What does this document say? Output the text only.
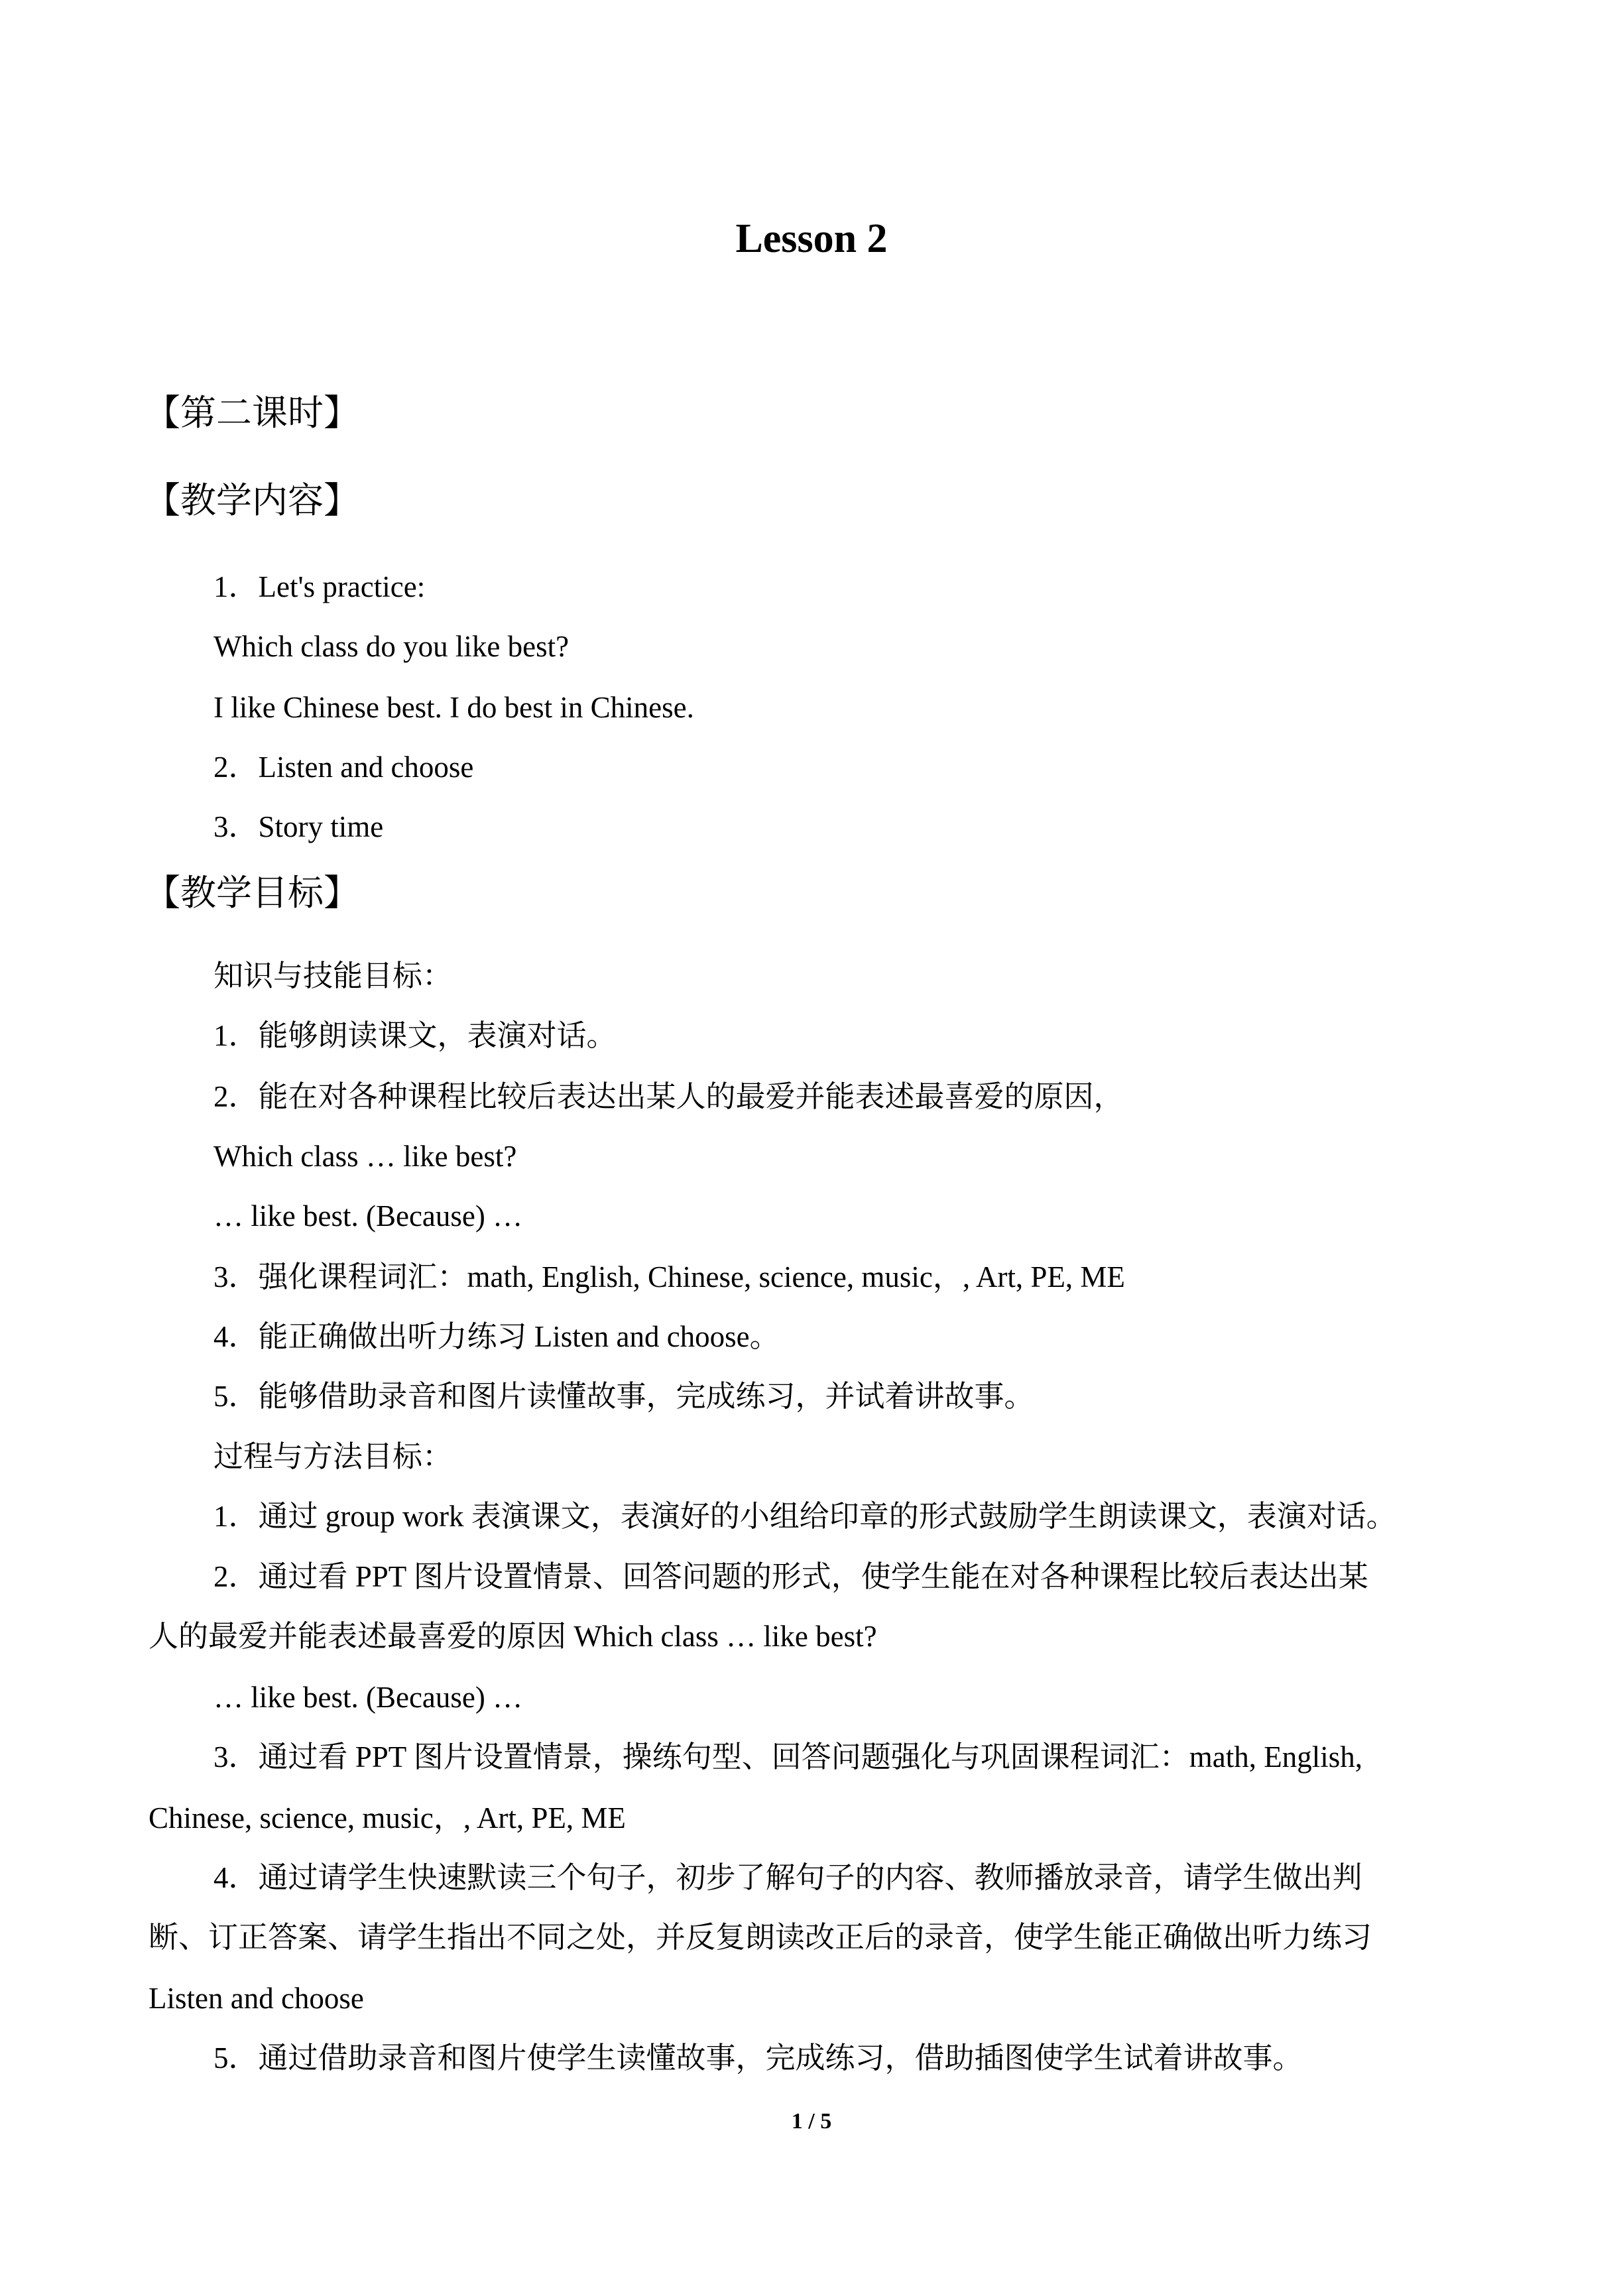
Lesson 2
【第二课时】
【教学内容】
1．Let's practice:
Which class do you like best?
I like Chinese best. I do best in Chinese.
2．Listen and choose
3．Story time
【教学目标】
知识与技能目标：
1．能够朗读课文，表演对话。
2．能在对各种课程比较后表达出某人的最爱并能表述最喜爱的原因，
Which class … like best?
… like best. (Because) …
3．强化课程词汇：math, English, Chinese, science, music，, Art, PE, ME
4．能正确做出听力练习 Listen and choose。
5．能够借助录音和图片读懂故事，完成练习，并试着讲故事。
过程与方法目标：
1．通过 group work 表演课文，表演好的小组给印章的形式鼓励学生朗读课文，表演对话。
2．通过看 PPT 图片设置情景、回答问题的形式，使学生能在对各种课程比较后表达出某
人的最爱并能表述最喜爱的原因 Which class … like best?
… like best. (Because) …
3．通过看 PPT 图片设置情景，操练句型、回答问题强化与巩固课程词汇：math, English,
Chinese, science, music，, Art, PE, ME
4．通过请学生快速默读三个句子，初步了解句子的内容、教师播放录音，请学生做出判
断、订正答案、请学生指出不同之处，并反复朗读改正后的录音，使学生能正确做出听力练习
Listen and choose
5．通过借助录音和图片使学生读懂故事，完成练习，借助插图使学生试着讲故事。
1 / 5
